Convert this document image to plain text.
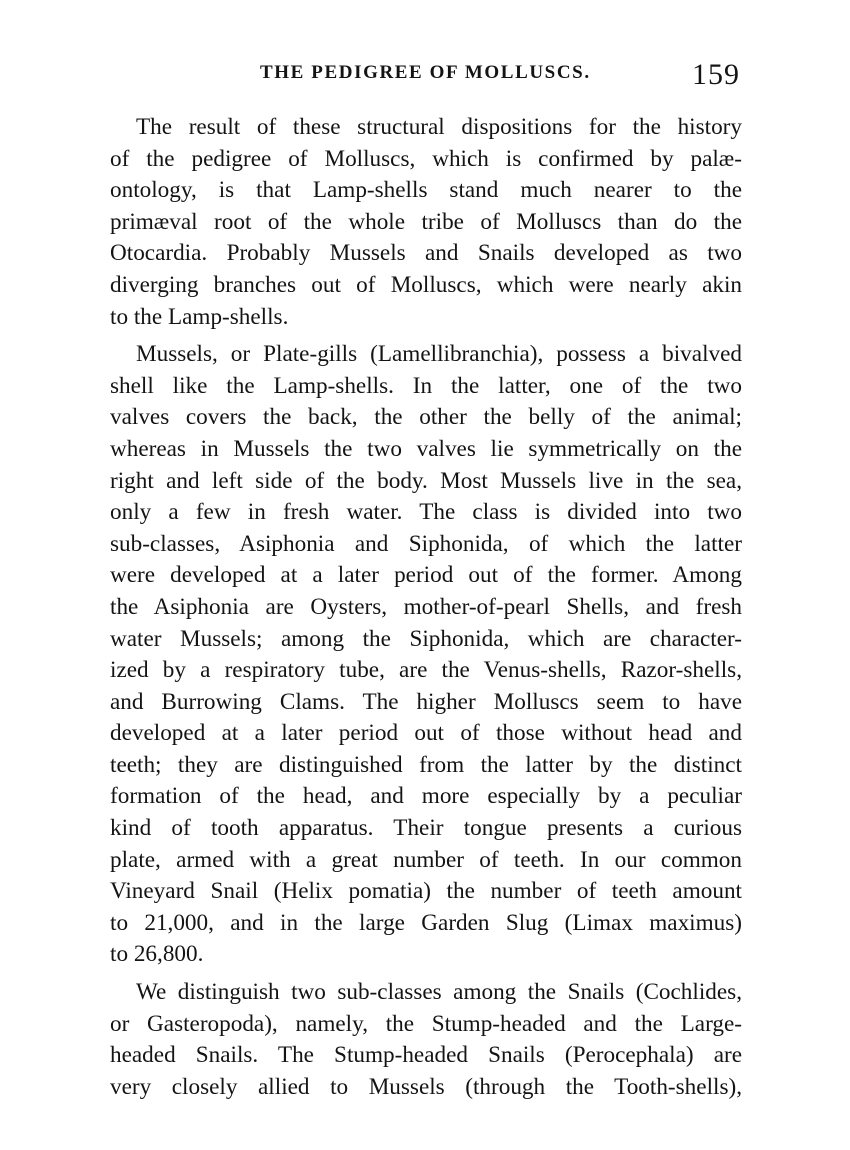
THE PEDIGREE OF MOLLUSCS.	159
The result of these structural dispositions for the history
of the pedigree of Molluscs, which is confirmed by palæ-
ontology, is that Lamp-shells stand much nearer to the
primæval root of the whole tribe of Molluscs than do the
Otocardia. Probably Mussels and Snails developed as two
diverging branches out of Molluscs, which were nearly akin
to the Lamp-shells.
Mussels, or Plate-gills (Lamellibranchia), possess a bivalved
shell like the Lamp-shells. In the latter, one of the two
valves covers the back, the other the belly of the animal;
whereas in Mussels the two valves lie symmetrically on the
right and left side of the body. Most Mussels live in the sea,
only a few in fresh water. The class is divided into two
sub-classes, Asiphonia and Siphonida, of which the latter
were developed at a later period out of the former. Among
the Asiphonia are Oysters, mother-of-pearl Shells, and fresh
water Mussels; among the Siphonida, which are character-
ized by a respiratory tube, are the Venus-shells, Razor-shells,
and Burrowing Clams. The higher Molluscs seem to have
developed at a later period out of those without head and
teeth; they are distinguished from the latter by the distinct
formation of the head, and more especially by a peculiar
kind of tooth apparatus. Their tongue presents a curious
plate, armed with a great number of teeth. In our common
Vineyard Snail (Helix pomatia) the number of teeth amount
to 21,000, and in the large Garden Slug (Limax maximus)
to 26,800.
We distinguish two sub-classes among the Snails (Cochlides,
or Gasteropoda), namely, the Stump-headed and the Large-
headed Snails. The Stump-headed Snails (Perocephala) are
very closely allied to Mussels (through the Tooth-shells),
